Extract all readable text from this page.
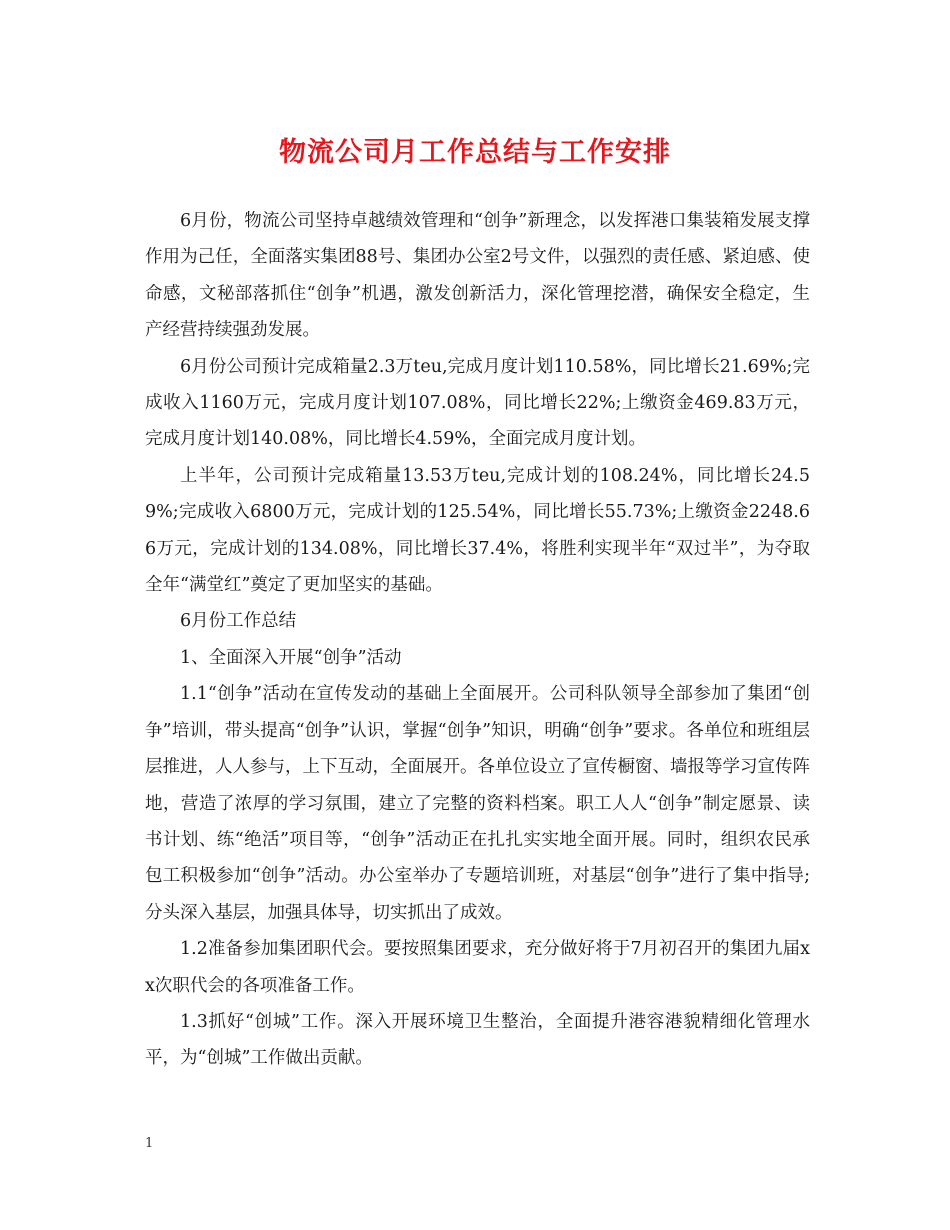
物流公司月工作总结与工作安排

6月份，物流公司坚持卓越绩效管理和“创争”新理念，以发挥港口集装箱发展支撑作用为己任，全面落实集团88号、集团办公室2号文件，以强烈的责任感、紧迫感、使命感，文秘部落抓住“创争”机遇，激发创新活力，深化管理挖潜，确保安全稳定，生产经营持续强劲发展。

6月份公司预计完成箱量2.3万teu,完成月度计划110.58%，同比增长21.69%;完成收入1160万元，完成月度计划107.08%，同比增长22%;上缴资金469.83万元，完成月度计划140.08%，同比增长4.59%，全面完成月度计划。

上半年，公司预计完成箱量13.53万teu,完成计划的108.24%，同比增长24.59%;完成收入6800万元，完成计划的125.54%，同比增长55.73%;上缴资金2248.66万元，完成计划的134.08%，同比增长37.4%，将胜利实现半年“双过半”，为夺取全年“满堂红”奠定了更加坚实的基础。

6月份工作总结

1、全面深入开展“创争”活动

1.1“创争”活动在宣传发动的基础上全面展开。公司科队领导全部参加了集团“创争”培训，带头提高“创争”认识，掌握“创争”知识，明确“创争”要求。各单位和班组层层推进，人人参与，上下互动，全面展开。各单位设立了宣传橱窗、墙报等学习宣传阵地，营造了浓厚的学习氛围，建立了完整的资料档案。职工人人“创争”制定愿景、读书计划、练“绝活”项目等，“创争”活动正在扎扎实实地全面开展。同时，组织农民承包工积极参加“创争”活动。办公室举办了专题培训班，对基层“创争”进行了集中指导;分头深入基层，加强具体导，切实抓出了成效。

1.2准备参加集团职代会。要按照集团要求，充分做好将于7月初召开的集团九届xx次职代会的各项准备工作。

1.3抓好“创城”工作。深入开展环境卫生整治，全面提升港容港貌精细化管理水平，为“创城”工作做出贡献。

1
